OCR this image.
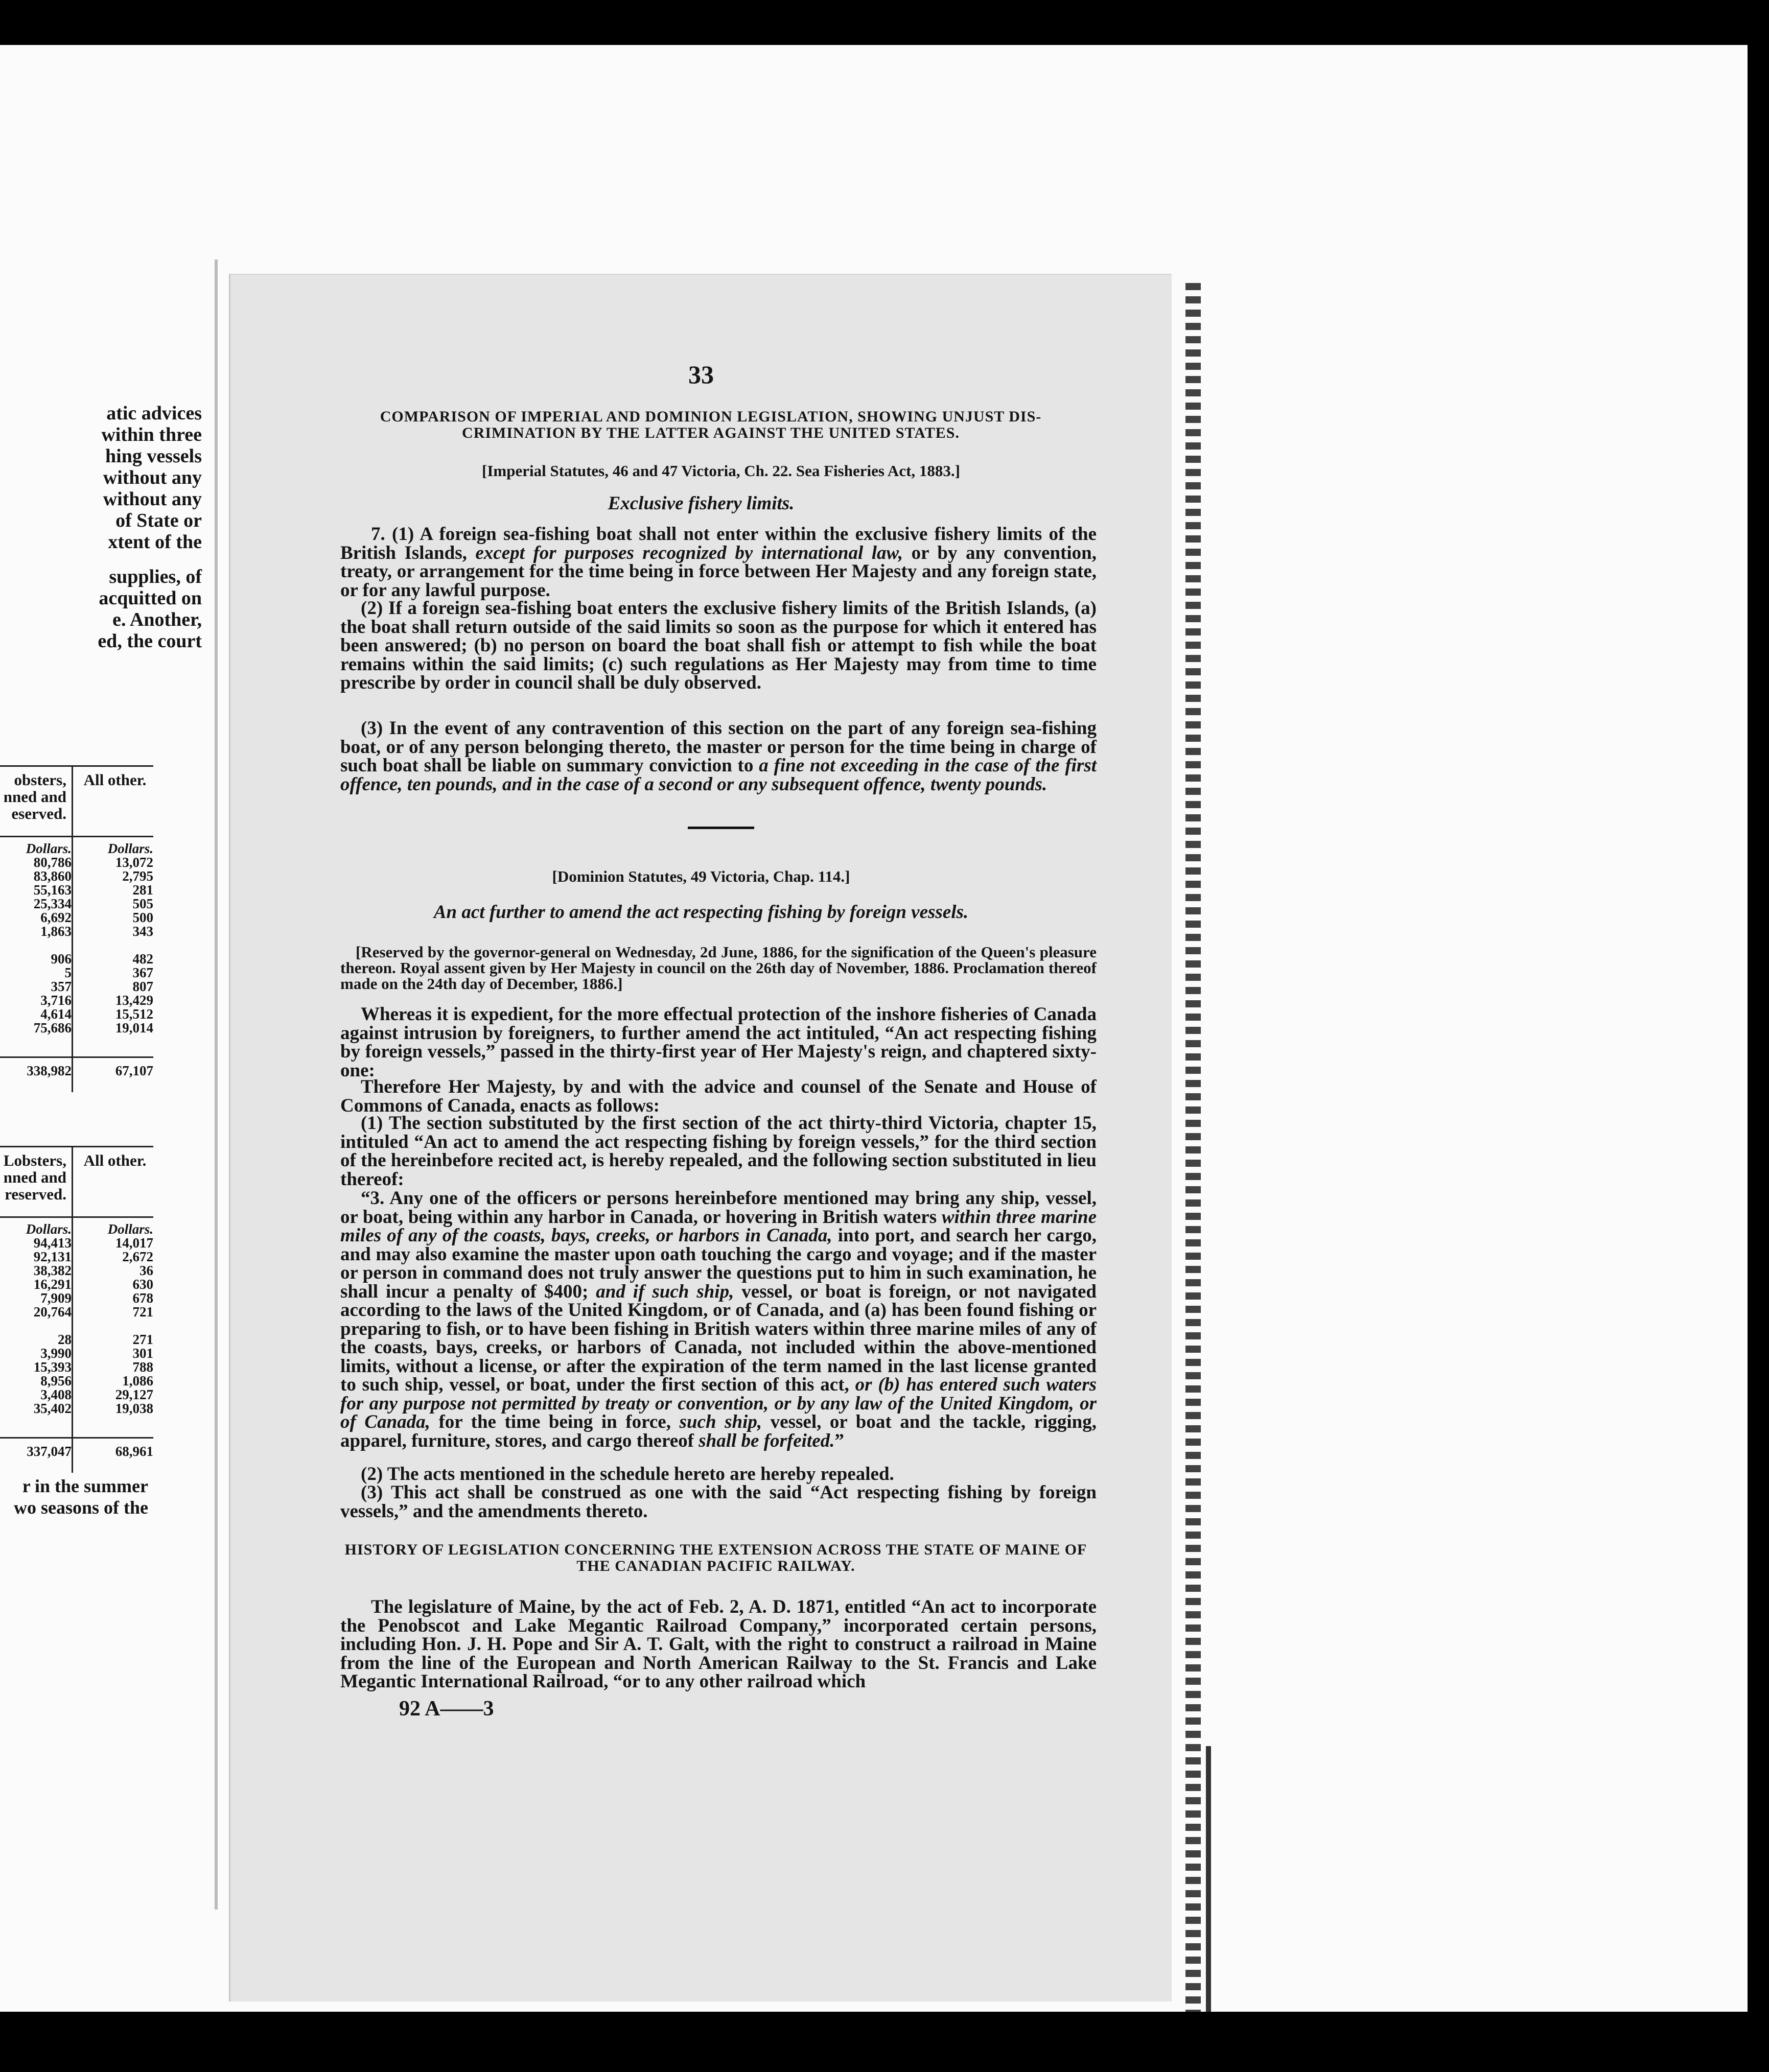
atic advices
within three
hing vessels
without any
without any
of State or
xtent of the
supplies, of
acquitted on
e. Another,
ed, the court
obsters, nned and eserved.
All other.
Dollars.	Dollars.
80,786	13,072
83,860	2,795
55,163	281
25,334	505
6,692	500
1,863	343
906	482
5	367
357	807
3,716	13,429
4,614	15,512
75,686	19,014
338,982	67,107
Lobsters, nned and reserved.
All other.
Dollars.	Dollars.
94,413	14,017
92,131	2,672
38,382	36
16,291	630
7,909	678
20,764	721
28	271
3,990	301
15,393	788
8,956	1,086
3,408	29,127
35,402	19,038
337,047	68,961
r in the summer
wo seasons of the
33
COMPARISON OF IMPERIAL AND DOMINION LEGISLATION, SHOWING UNJUST DIS- CRIMINATION BY THE LATTER AGAINST THE UNITED STATES.
[Imperial Statutes, 46 and 47 Victoria, Ch. 22. Sea Fisheries Act, 1883.]
Exclusive fishery limits.

7. (1) A foreign sea-fishing boat shall not enter within the exclusive fishery limits of the British Islands, except for purposes recognized by international law, or by any convention, treaty, or arrangement for the time being in force between Her Majesty and any foreign state, or for any lawful purpose.

(2) If a foreign sea-fishing boat enters the exclusive fishery limits of the British Islands, (a) the boat shall return outside of the said limits so soon as the purpose for which it entered has been answered; (b) no person on board the boat shall fish or attempt to fish while the boat remains within the said limits; (c) such regulations as Her Majesty may from time to time prescribe by order in council shall be duly observed.

(3) In the event of any contravention of this section on the part of any foreign sea-fishing boat, or of any person belonging thereto, the master or person for the time being in charge of such boat shall be liable on summary conviction to a fine not exceeding in the case of the first offence, ten pounds, and in the case of a second or any subsequent offence, twenty pounds.

[Dominion Statutes, 49 Victoria, Chap. 114.]
An act further to amend the act respecting fishing by foreign vessels.

[Reserved by the governor-general on Wednesday, 2d June, 1886, for the signification of the Queen's pleasure thereon. Royal assent given by Her Majesty in council on the 26th day of November, 1886. Proclamation thereof made on the 24th day of December, 1886.]

Whereas it is expedient, for the more effectual protection of the inshore fisheries of Canada against intrusion by foreigners, to further amend the act intituled, “An act respecting fishing by foreign vessels,” passed in the thirty-first year of Her Majesty's reign, and chaptered sixty-one:

Therefore Her Majesty, by and with the advice and counsel of the Senate and House of Commons of Canada, enacts as follows:

(1) The section substituted by the first section of the act thirty-third Victoria, chapter 15, intituled “An act to amend the act respecting fishing by foreign vessels,” for the third section of the hereinbefore recited act, is hereby repealed, and the following section substituted in lieu thereof:

“3. Any one of the officers or persons hereinbefore mentioned may bring any ship, vessel, or boat, being within any harbor in Canada, or hovering in British waters within three marine miles of any of the coasts, bays, creeks, or harbors in Canada, into port, and search her cargo, and may also examine the master upon oath touching the cargo and voyage; and if the master or person in command does not truly answer the questions put to him in such examination, he shall incur a penalty of $400; and if such ship, vessel, or boat is foreign, or not navigated according to the laws of the United Kingdom, or of Canada, and (a) has been found fishing or preparing to fish, or to have been fishing in British waters within three marine miles of any of the coasts, bays, creeks, or harbors of Canada, not included within the above-mentioned limits, without a license, or after the expiration of the term named in the last license granted to such ship, vessel, or boat, under the first section of this act, or (b) has entered such waters for any purpose not permitted by treaty or convention, or by any law of the United Kingdom, or of Canada, for the time being in force, such ship, vessel, or boat and the tackle, rigging, apparel, furniture, stores, and cargo thereof shall be forfeited.”

(2) The acts mentioned in the schedule hereto are hereby repealed.

(3) This act shall be construed as one with the said “Act respecting fishing by foreign vessels,” and the amendments thereto.

HISTORY OF LEGISLATION CONCERNING THE EXTENSION ACROSS THE STATE OF MAINE OF THE CANADIAN PACIFIC RAILWAY.

The legislature of Maine, by the act of Feb. 2, A. D. 1871, entitled “An act to incorporate the Penobscot and Lake Megantic Railroad Company,” incorporated certain persons, including Hon. J. H. Pope and Sir A. T. Galt, with the right to construct a railroad in Maine from the line of the European and North American Railway to the St. Francis and Lake Megantic International Railroad, “or to any other railroad which

92 A——3
